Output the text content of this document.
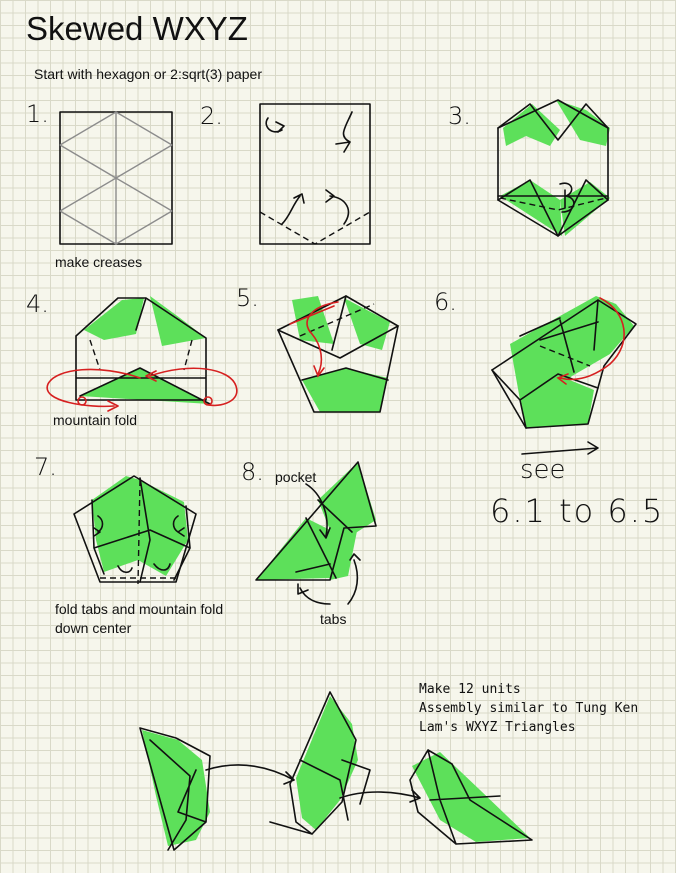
Skewed WXYZ
Start with hexagon or 2:sqrt(3) paper
1.	2.	3.
4.	5.	6.
7.	8.
make creases
mountain fold
fold tabs and mountain fold
down center
pocket
tabs
see
6.1 to 6.5
Make 12 units
Assembly similar to Tung Ken
Lam's WXYZ Triangles
